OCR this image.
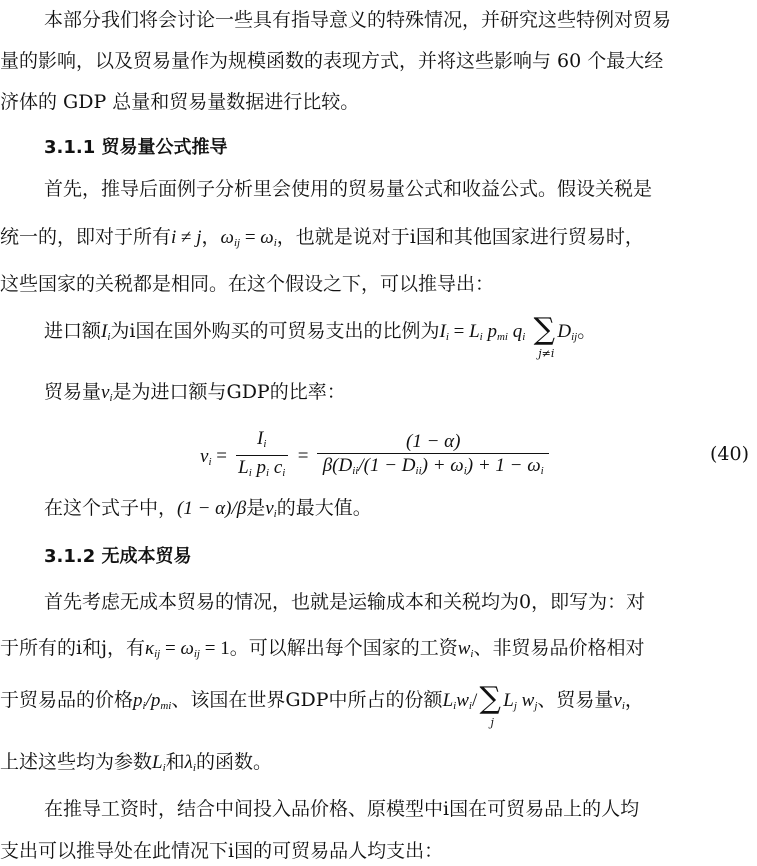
本部分我们将会讨论一些具有指导意义的特殊情况，并研究这些特例对贸易
量的影响，以及贸易量作为规模函数的表现方式，并将这些影响与 60 个最大经
济体的 GDP 总量和贸易量数据进行比较。
3.1.1 贸易量公式推导
首先，推导后面例子分析里会使用的贸易量公式和收益公式。假设关税是
统一的，即对于所有i ≠ j，$\omega_{ij} = \omega_i$，也就是说对于i国和其他国家进行贸易时，
这些国家的关税都是相同。在这个假设之下，可以推导出：
进口额$I_i$为i国在国外购买的可贸易支出的比例为$I_i = L_i$ $p_{mi}$ $q_i$ ∑
j≠i
$D_{ij}$。
贸易量$v_i$是为进口额与GDP的比率：
$v_i = \frac{I_i}{L_i p_i c_i} = \frac{(1 - \alpha)}{\beta(D_{ii}/(1 - D_{ii}) + \omega_i) + 1 - \omega_i}$	(40)
在这个式子中，(1 − α)/β是$v_i$的最大值。
3.1.2 无成本贸易
首先考虑无成本贸易的情况，也就是运输成本和关税均为0，即写为：对
于所有的i和j，有$\kappa_{ij} = \omega_{ij} = 1$。可以解出每个国家的工资$w_i$、非贸易品价格相对
于贸易品的价格$p_i/p_{mi}$、该国在世界GDP中所占的份额$L_iw_i/\sum$
j
$L_j$ $w_j$、贸易量$v_i$，
上述这些均为参数$L_i$和$\lambda_i$的函数。
在推导工资时，结合中间投入品价格、原模型中i国在可贸易品上的人均
支出可以推导处在此情况下i国的可贸易品人均支出：
